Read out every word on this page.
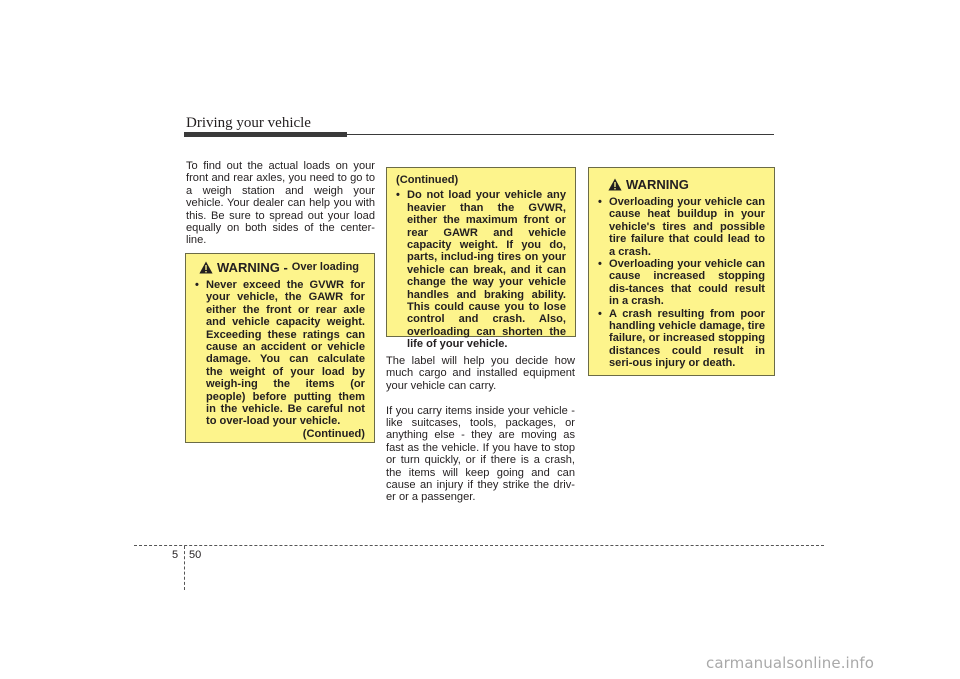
Driving your vehicle
To find out the actual loads on your front and rear axles, you need to go to a weigh station and weigh your vehicle. Your dealer can help you with this. Be sure to spread out your load equally on both sides of the center-line.
WARNING - Over loading
• Never exceed the GVWR for your vehicle, the GAWR for either the front or rear axle and vehicle capacity weight. Exceeding these ratings can cause an accident or vehicle damage. You can calculate the weight of your load by weigh-ing the items (or people) before putting them in the vehicle. Be careful not to over-load your vehicle.
(Continued)
(Continued)
• Do not load your vehicle any heavier than the GVWR, either the maximum front or rear GAWR and vehicle capacity weight. If you do, parts, includ-ing tires on your vehicle can break, and it can change the way your vehicle handles and braking ability. This could cause you to lose control and crash. Also, overloading can shorten the life of your vehicle.

The label will help you decide how much cargo and installed equipment your vehicle can carry.

If you carry items inside your vehicle - like suitcases, tools, packages, or anything else - they are moving as fast as the vehicle. If you have to stop or turn quickly, or if there is a crash, the items will keep going and can cause an injury if they strike the driv-er or a passenger.

WARNING
• Overloading your vehicle can cause heat buildup in your vehicle's tires and possible tire failure that could lead to a crash.
• Overloading your vehicle can cause increased stopping dis-tances that could result in a crash.
• A crash resulting from poor handling vehicle damage, tire failure, or increased stopping distances could result in seri-ous injury or death.
5 50
carmanualsonline.info
